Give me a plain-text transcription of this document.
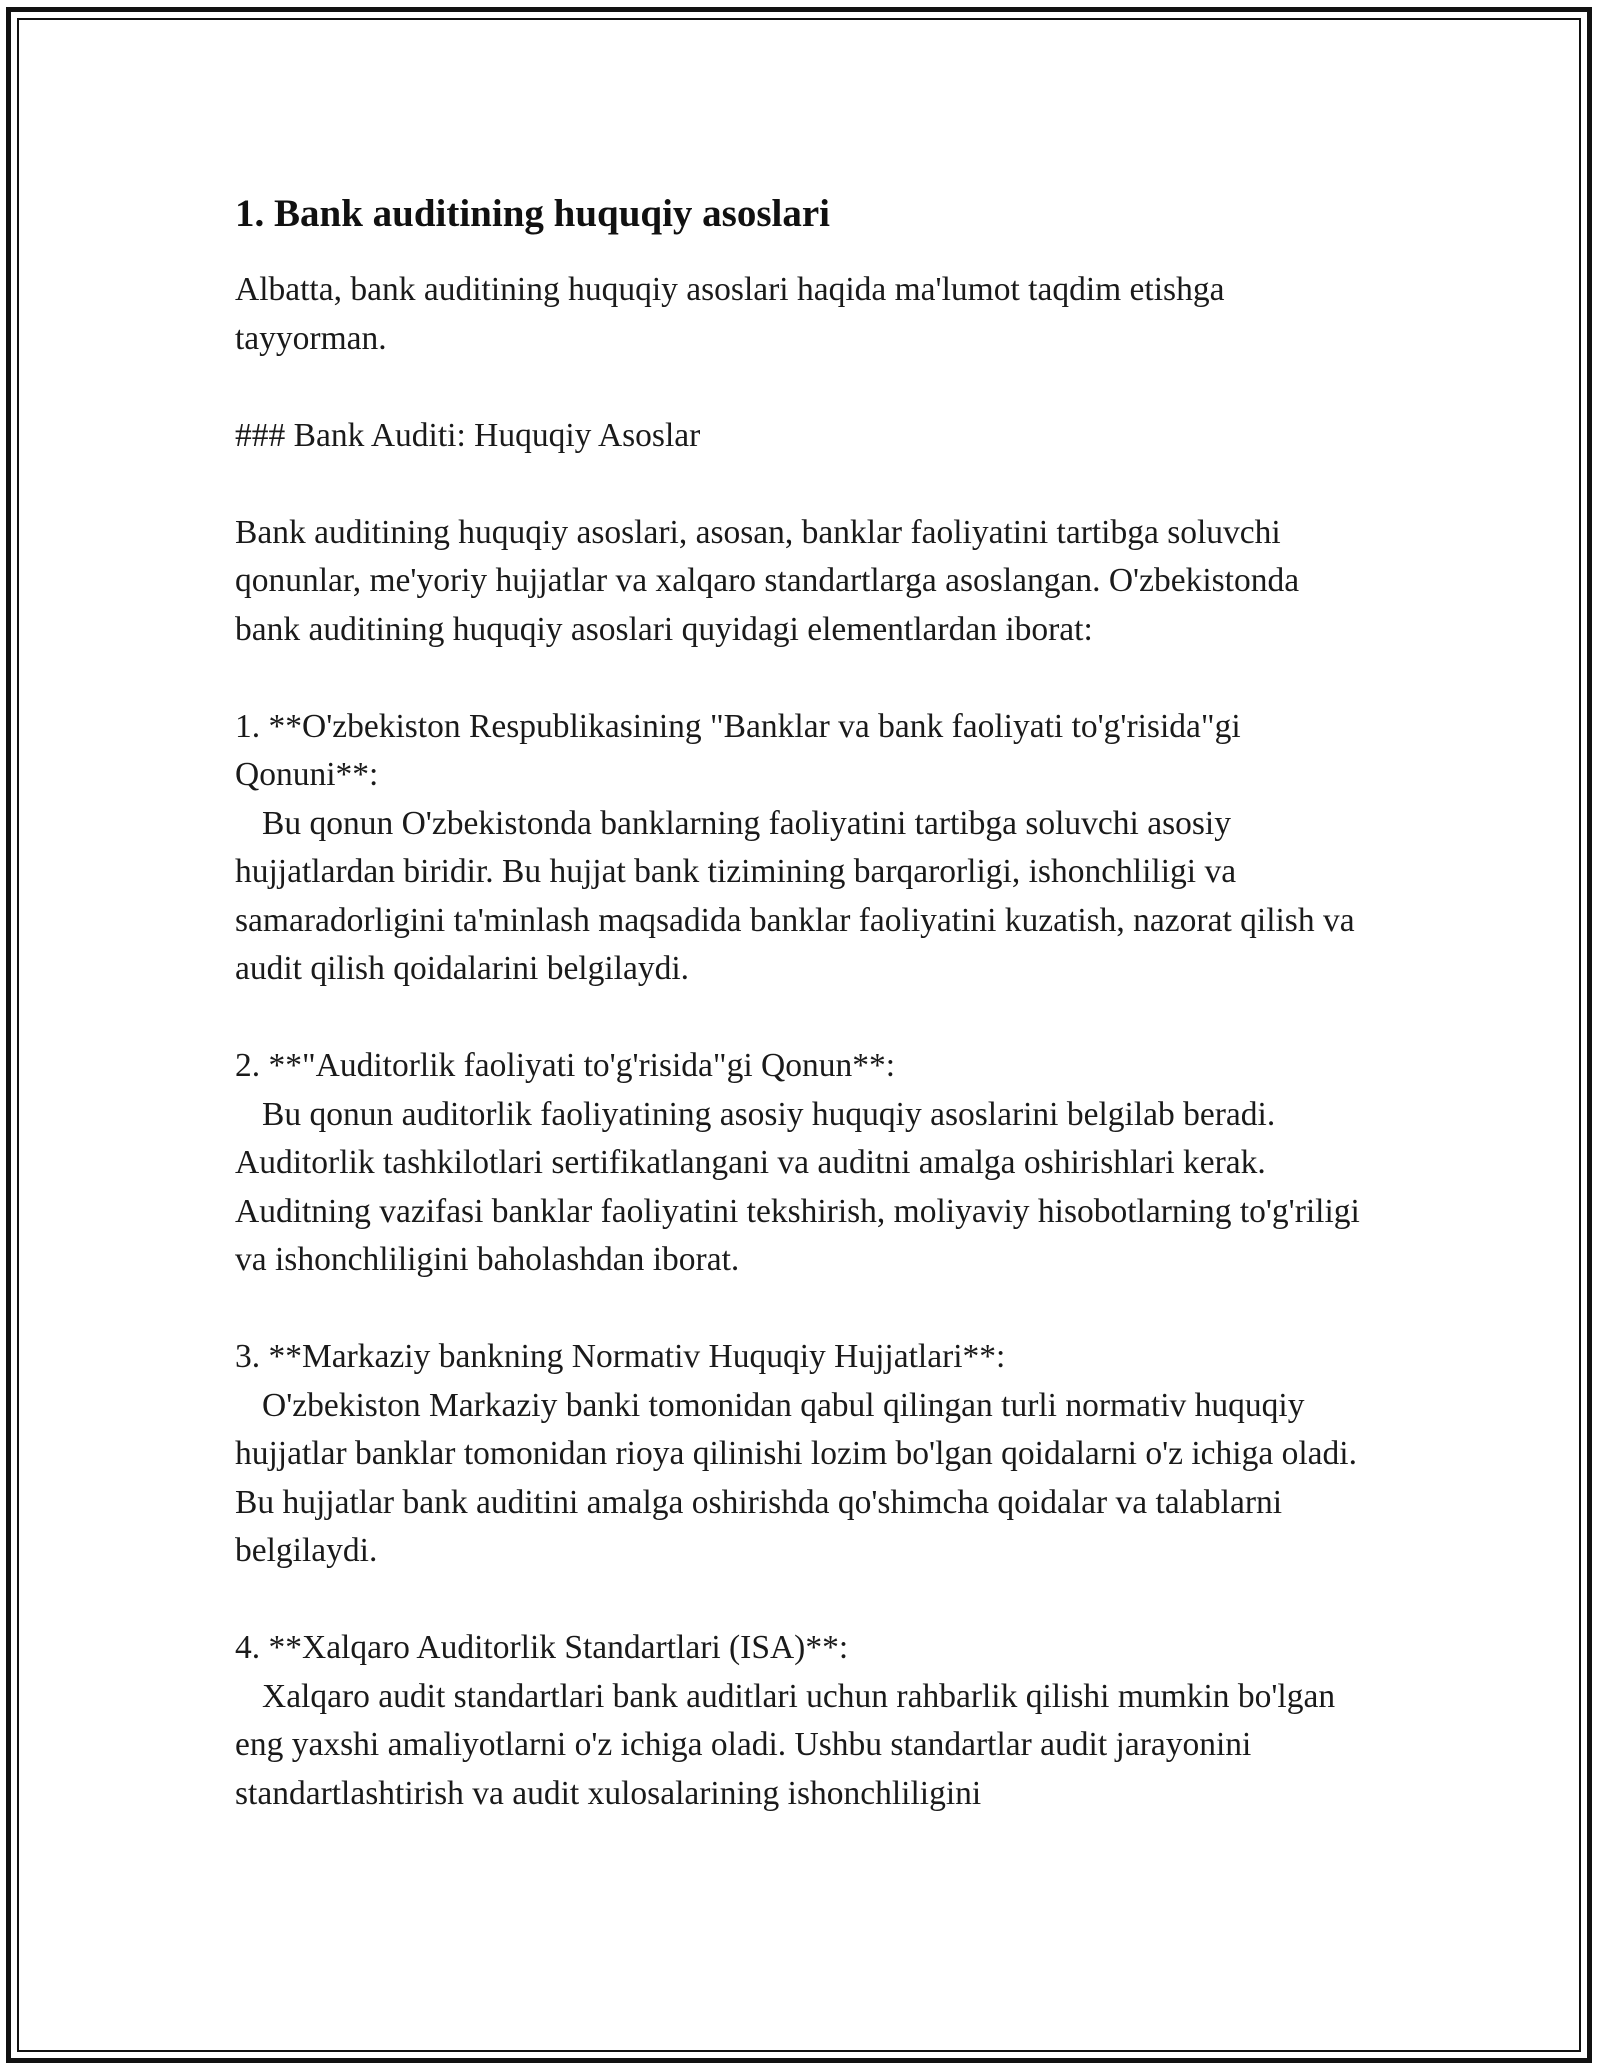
1. Bank auditining huquqiy asoslari

Albatta, bank auditining huquqiy asoslari haqida ma'lumot taqdim etishga tayyorman.

### Bank Auditi: Huquqiy Asoslar

Bank auditining huquqiy asoslari, asosan, banklar faoliyatini tartibga soluvchi qonunlar, me'yoriy hujjatlar va xalqaro standartlarga asoslangan. O'zbekistonda bank auditining huquqiy asoslari quyidagi elementlardan iborat:

1. **O'zbekiston Respublikasining "Banklar va bank faoliyati to'g'risida"gi Qonuni**:
Bu qonun O'zbekistonda banklarning faoliyatini tartibga soluvchi asosiy hujjatlardan biridir. Bu hujjat bank tizimining barqarorligi, ishonchliligi va samaradorligini ta'minlash maqsadida banklar faoliyatini kuzatish, nazorat qilish va audit qilish qoidalarini belgilaydi.
2. **"Auditorlik faoliyati to'g'risida"gi Qonun**:
Bu qonun auditorlik faoliyatining asosiy huquqiy asoslarini belgilab beradi. Auditorlik tashkilotlari sertifikatlangani va auditni amalga oshirishlari kerak. Auditning vazifasi banklar faoliyatini tekshirish, moliyaviy hisobotlarning to'g'riligi va ishonchliligini baholashdan iborat.
3. **Markaziy bankning Normativ Huquqiy Hujjatlari**:
O'zbekiston Markaziy banki tomonidan qabul qilingan turli normativ huquqiy hujjatlar banklar tomonidan rioya qilinishi lozim bo'lgan qoidalarni o'z ichiga oladi. Bu hujjatlar bank auditini amalga oshirishda qo'shimcha qoidalar va talablarni belgilaydi.
4. **Xalqaro Auditorlik Standartlari (ISA)**:
Xalqaro audit standartlari bank auditlari uchun rahbarlik qilishi mumkin bo'lgan eng yaxshi amaliyotlarni o'z ichiga oladi. Ushbu standartlar audit jarayonini standartlashtirish va audit xulosalarining ishonchliligini
